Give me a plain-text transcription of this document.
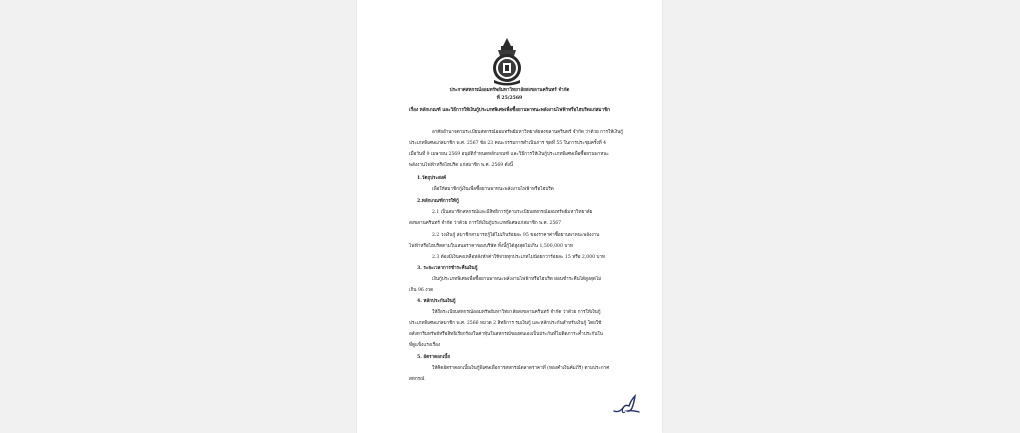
ประกาศสหกรณ์ออมทรัพย์มหาวิทยาลัยสงขลานครินทร์ จำกัด
ที่ 25/2569
เรื่อง หลักเกณฑ์ และวิธีการให้เงินกู้ประเภทพิเศษเพื่อซื้อยานพาหนะพลังงานไฟฟ้าหรือไฮบริดแก่สมาชิก
อาศัยอำนาจตามระเบียบสหกรณ์ออมทรัพย์มหาวิทยาลัยสงขลานครินทร์ จำกัด ว่าด้วย การให้เงินกู้
ประเภทพิเศษแก่สมาชิก พ.ศ. 2567 ข้อ 23 คณะกรรมการดำเนินการ ชุดที่ 55 ในการประชุมครั้งที่ 4
เมื่อวันที่ 9 เมษายน 2569 อนุมัติกำหนดหลักเกณฑ์ และวิธีการให้เงินกู้ประเภทพิเศษเพื่อซื้อยานพาหนะ
พลังงานไฟฟ้าหรือไฮบริด แก่สมาชิก พ.ศ. 2569 ดังนี้
1.วัตถุประสงค์
เพื่อให้สมาชิกกู้เงินเพื่อซื้อยานพาหนะพลังงานไฟฟ้าหรือไฮบริด
2.หลักเกณฑ์การให้กู้
2.1 เป็นสมาชิกสหกรณ์และมีสิทธิการกู้ตามระเบียบสหกรณ์ออมทรัพย์มหาวิทยาลัย
สงขลานครินทร์ จำกัด ว่าด้วย การให้เงินกู้ประเภทพิเศษแก่สมาชิก พ.ศ. 2567
2.2 วงเงินกู้ สมาชิกสามารถกู้ได้ไม่เกินร้อยละ 95 ของราคาค่าซื้อยานพาหนะพลังงาน
ไฟฟ้าหรือไฮบริดตามใบเสนอราคาของบริษัท ทั้งนี้กู้ได้สูงสุดไม่เกิน 1,500,000 บาท
2.3 ต้องมีเงินคงเหลือหลังหักค่าใช้จ่ายทุกประเภทไม่น้อยกว่าร้อยละ 15 หรือ 2,000 บาท
3. ระยะเวลาการชำระคืนเงินกู้
เงินกู้ประเภทพิเศษเพื่อซื้อยานพาหนะพลังงานไฟฟ้าหรือไฮบริด ผ่อนชำระคืนได้สูงสุดไม่
เกิน 96 งวด
4. หลักประกันเงินกู้
ให้ถือระเบียบสหกรณ์ออมทรัพย์มหาวิทยาลัยสงขลานครินทร์ จำกัด ว่าด้วย การให้เงินกู้
ประเภทพิเศษแก่สมาชิก พ.ศ. 2566 หมวด 2 สิทธิการ รมเงินกู้ และหลักประกันสำหรับเงินกู้ โดยใช้
อสังหาริมทรัพย์หรือสิทธิเรียกร้องในค่าหุ้นในสหกรณ์ของตนเองเป็นประกันที่ไม่ติดภาระค้ำประกันใน
ที่ดูแข็งแรงเรื่อง
5. อัตราดอกเบี้ย
ให้คิดอัตราดอกเบี้ยเงินกู้พิเศษเพื่อการสหกรณ์ตลาดราคาที่ (ทองคำเงินคัมภีร์) ตามประกาศ
สหกรณ์
